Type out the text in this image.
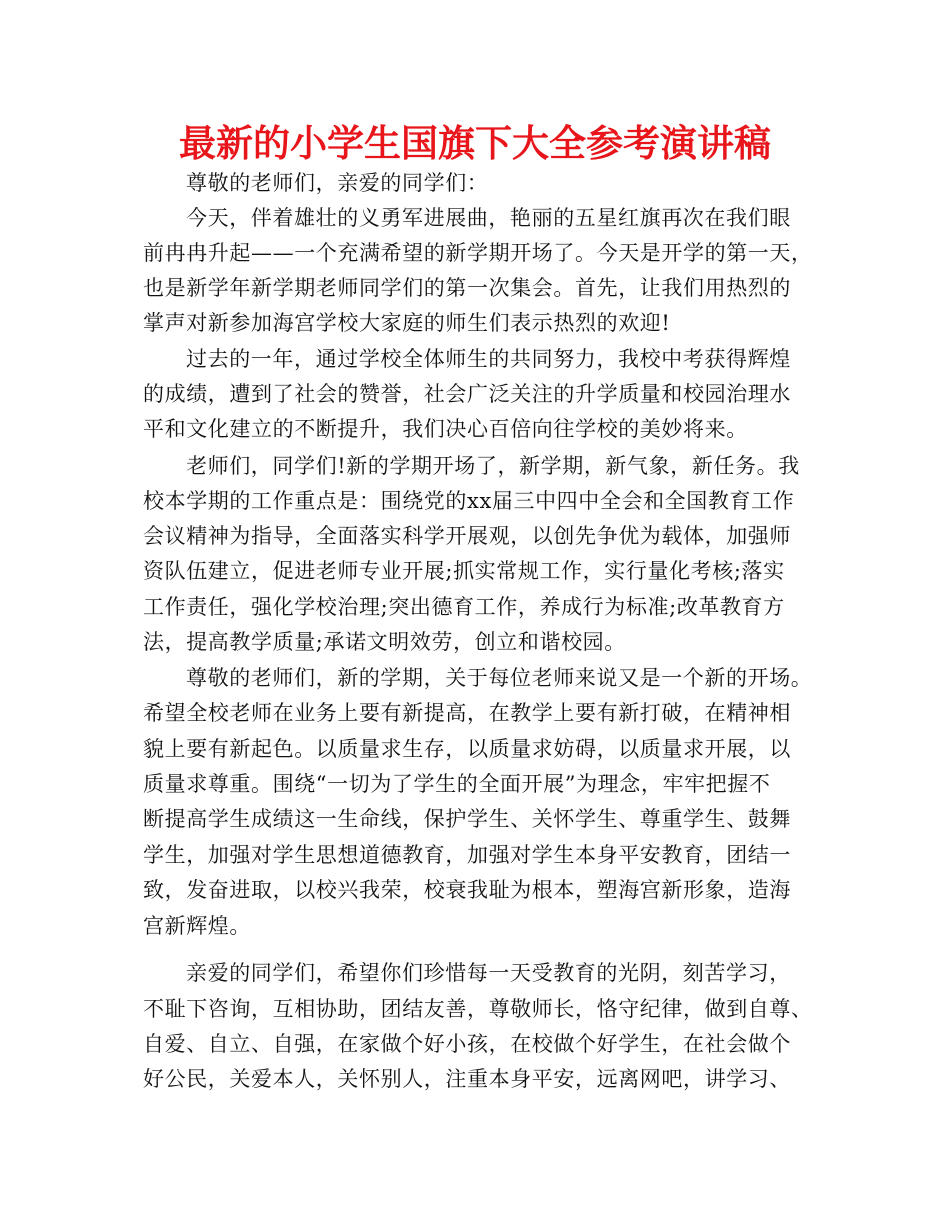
最新的小学生国旗下大全参考演讲稿

尊敬的老师们，亲爱的同学们：

今天，伴着雄壮的义勇军进展曲，艳丽的五星红旗再次在我们眼

前冉冉升起——一个充满希望的新学期开场了。今天是开学的第一天，

也是新学年新学期老师同学们的第一次集会。首先，让我们用热烈的

掌声对新参加海宫学校大家庭的师生们表示热烈的欢迎!

过去的一年，通过学校全体师生的共同努力，我校中考获得辉煌

的成绩，遭到了社会的赞誉，社会广泛关注的升学质量和校园治理水

平和文化建立的不断提升，我们决心百倍向往学校的美妙将来。

老师们，同学们!新的学期开场了，新学期，新气象，新任务。我

校本学期的工作重点是：围绕党的xx届三中四中全会和全国教育工作

会议精神为指导，全面落实科学开展观，以创先争优为载体，加强师

资队伍建立，促进老师专业开展;抓实常规工作，实行量化考核;落实

工作责任，强化学校治理;突出德育工作，养成行为标准;改革教育方

法，提高教学质量;承诺文明效劳，创立和谐校园。

尊敬的老师们，新的学期，关于每位老师来说又是一个新的开场。

希望全校老师在业务上要有新提高，在教学上要有新打破，在精神相

貌上要有新起色。以质量求生存，以质量求妨碍，以质量求开展，以

质量求尊重。围绕“一切为了学生的全面开展”为理念，牢牢把握不

断提高学生成绩这一生命线，保护学生、关怀学生、尊重学生、鼓舞

学生，加强对学生思想道德教育，加强对学生本身平安教育，团结一

致，发奋进取，以校兴我荣，校衰我耻为根本，塑海宫新形象，造海

宫新辉煌。

亲爱的同学们，希望你们珍惜每一天受教育的光阴，刻苦学习，

不耻下咨询，互相协助，团结友善，尊敬师长，恪守纪律，做到自尊、

自爱、自立、自强，在家做个好小孩，在校做个好学生，在社会做个

好公民，关爱本人，关怀别人，注重本身平安，远离网吧，讲学习、
